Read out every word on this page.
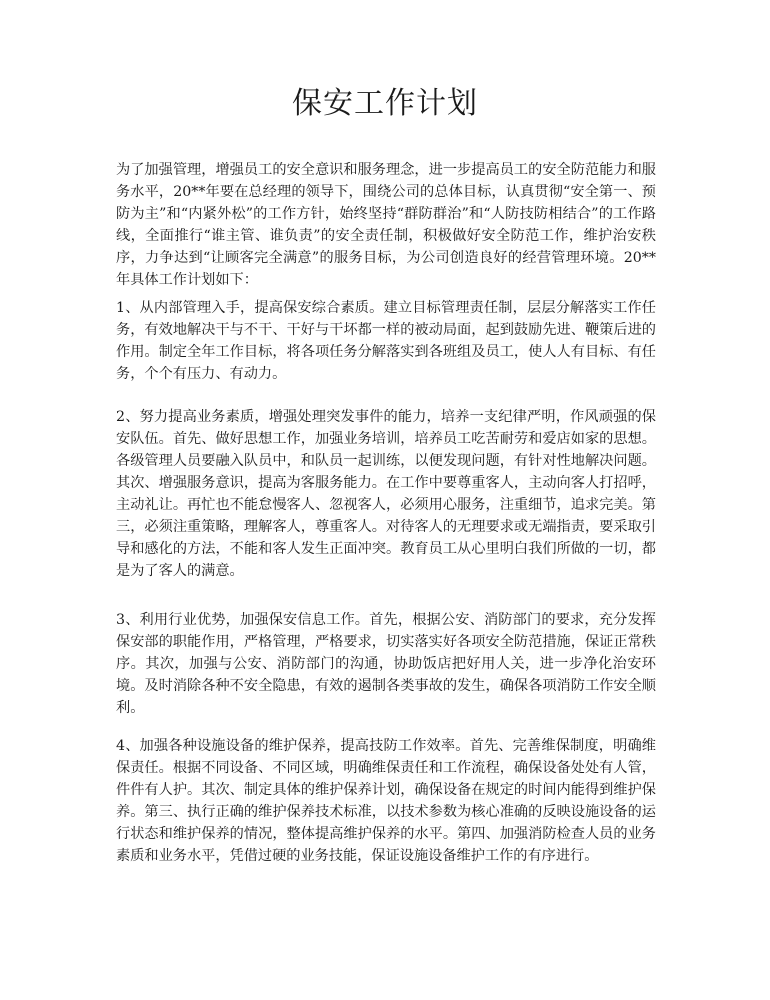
保安工作计划

为了加强管理，增强员工的安全意识和服务理念，进一步提高员工的安全防范能力和服务水平，20**年要在总经理的领导下，围绕公司的总体目标，认真贯彻“安全第一、预防为主”和“内紧外松”的工作方针，始终坚持“群防群治”和“人防技防相结合”的工作路线，全面推行“谁主管、谁负责”的安全责任制，积极做好安全防范工作，维护治安秩序，力争达到“让顾客完全满意”的服务目标，为公司创造良好的经营管理环境。20**年具体工作计划如下：

1、从内部管理入手，提高保安综合素质。建立目标管理责任制，层层分解落实工作任务，有效地解决干与不干、干好与干坏都一样的被动局面，起到鼓励先进、鞭策后进的作用。制定全年工作目标，将各项任务分解落实到各班组及员工，使人人有目标、有任务，个个有压力、有动力。

2、努力提高业务素质，增强处理突发事件的能力，培养一支纪律严明，作风顽强的保安队伍。首先、做好思想工作，加强业务培训，培养员工吃苦耐劳和爱店如家的思想。各级管理人员要融入队员中，和队员一起训练，以便发现问题，有针对性地解决问题。其次、增强服务意识，提高为客服务能力。在工作中要尊重客人，主动向客人打招呼，主动礼让。再忙也不能怠慢客人、忽视客人，必须用心服务，注重细节，追求完美。第三，必须注重策略，理解客人，尊重客人。对待客人的无理要求或无端指责，要采取引导和感化的方法，不能和客人发生正面冲突。教育员工从心里明白我们所做的一切，都是为了客人的满意。

3、利用行业优势，加强保安信息工作。首先，根据公安、消防部门的要求，充分发挥保安部的职能作用，严格管理，严格要求，切实落实好各项安全防范措施，保证正常秩序。其次，加强与公安、消防部门的沟通，协助饭店把好用人关，进一步净化治安环境。及时消除各种不安全隐患，有效的遏制各类事故的发生，确保各项消防工作安全顺利。

4、加强各种设施设备的维护保养，提高技防工作效率。首先、完善维保制度，明确维保责任。根据不同设备、不同区域，明确维保责任和工作流程，确保设备处处有人管，件件有人护。其次、制定具体的维护保养计划，确保设备在规定的时间内能得到维护保养。第三、执行正确的维护保养技术标准，以技术参数为核心准确的反映设施设备的运行状态和维护保养的情况，整体提高维护保养的水平。第四、加强消防检查人员的业务素质和业务水平，凭借过硬的业务技能，保证设施设备维护工作的有序进行。
